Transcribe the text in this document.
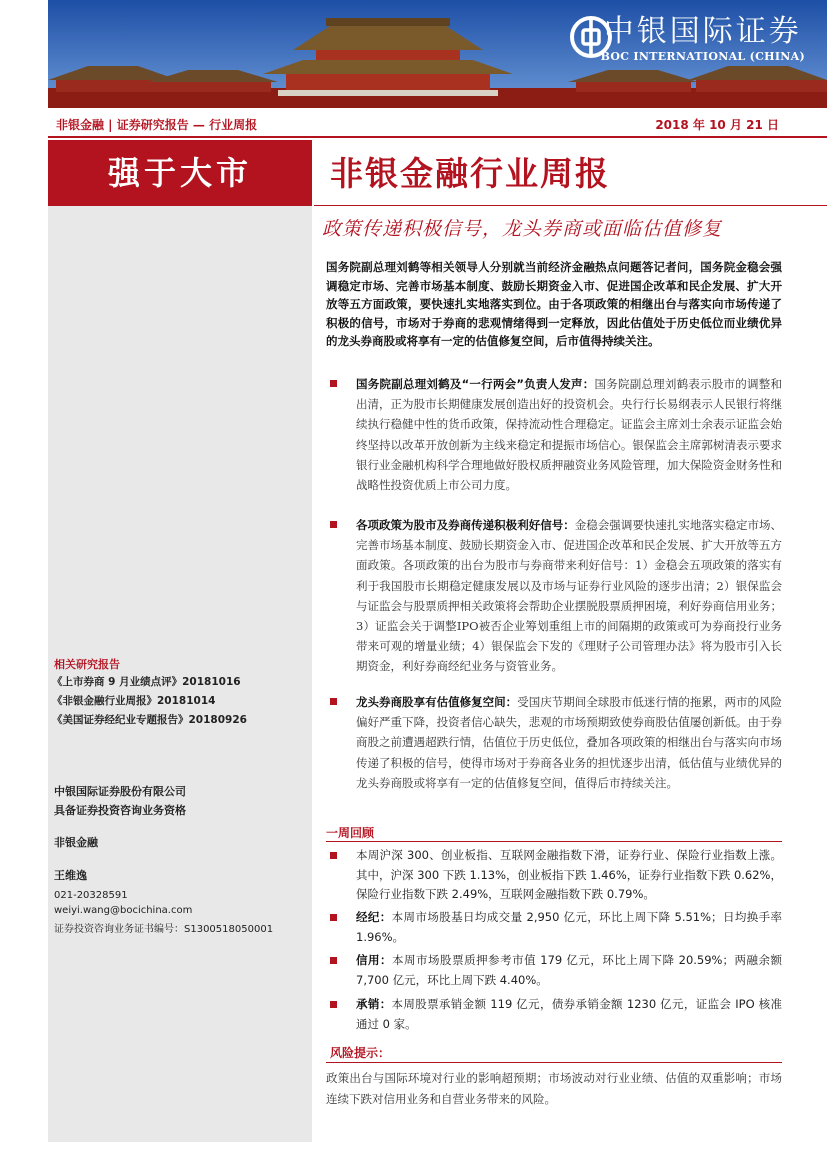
中银国际证券
BOC INTERNATIONAL (CHINA)
非银金融 | 证券研究报告 — 行业周报	2018 年 10 月 21 日
强于大市
相关研究报告
《上市券商 9 月业绩点评》20181016
《非银金融行业周报》20181014
《美国证券经纪业专题报告》20180926
中银国际证券股份有限公司
具备证券投资咨询业务资格
非银金融
王维逸
021-20328591
weiyi.wang@bocichina.com
证券投资咨询业务证书编号：S1300518050001
非银金融行业周报
政策传递积极信号，龙头券商或面临估值修复
国务院副总理刘鹤等相关领导人分别就当前经济金融热点问题答记者问，国务院金稳会强调稳定市场、完善市场基本制度、鼓励长期资金入市、促进国企改革和民企发展、扩大开放等五方面政策，要快速扎实地落实到位。由于各项政策的相继出台与落实向市场传递了积极的信号，市场对于券商的悲观情绪得到一定释放，因此估值处于历史低位而业绩优异的龙头券商股或将享有一定的估值修复空间，后市值得持续关注。
国务院副总理刘鹤及“一行两会”负责人发声：国务院副总理刘鹤表示股市的调整和出清，正为股市长期健康发展创造出好的投资机会。央行行长易纲表示人民银行将继续执行稳健中性的货币政策，保持流动性合理稳定。证监会主席刘士余表示证监会始终坚持以改革开放创新为主线来稳定和提振市场信心。银保监会主席郭树清表示要求银行业金融机构科学合理地做好股权质押融资业务风险管理，加大保险资金财务性和战略性投资优质上市公司力度。
各项政策为股市及券商传递积极利好信号：金稳会强调要快速扎实地落实稳定市场、完善市场基本制度、鼓励长期资金入市、促进国企改革和民企发展、扩大开放等五方面政策。各项政策的出台为股市与券商带来利好信号：1）金稳会五项政策的落实有利于我国股市长期稳定健康发展以及市场与证券行业风险的逐步出清；2）银保监会与证监会与股票质押相关政策将会帮助企业摆脱股票质押困境，利好券商信用业务；3）证监会关于调整IPO被否企业筹划重组上市的间隔期的政策或可为券商投行业务带来可观的增量业绩；4）银保监会下发的《理财子公司管理办法》将为股市引入长期资金，利好券商经纪业务与资管业务。
龙头券商股享有估值修复空间：受国庆节期间全球股市低迷行情的拖累，两市的风险偏好严重下降，投资者信心缺失，悲观的市场预期致使券商股估值屡创新低。由于券商股之前遭遇超跌行情，估值位于历史低位，叠加各项政策的相继出台与落实向市场传递了积极的信号，使得市场对于券商各业务的担忧逐步出清，低估值与业绩优异的龙头券商股或将享有一定的估值修复空间，值得后市持续关注。
一周回顾
本周沪深 300、创业板指、互联网金融指数下滑，证券行业、保险行业指数上涨。其中，沪深 300 下跌 1.13%，创业板指下跌 1.46%，证券行业指数下跌 0.62%，保险行业指数下跌 2.49%，互联网金融指数下跌 0.79%。
经纪：本周市场股基日均成交量 2,950 亿元，环比上周下降 5.51%；日均换手率 1.96%。
信用：本周市场股票质押参考市值 179 亿元，环比上周下降 20.59%；两融余额 7,700 亿元，环比上周下跌 4.40%。
承销：本周股票承销金额 119 亿元，债券承销金额 1230 亿元，证监会 IPO 核准通过 0 家。
风险提示：
政策出台与国际环境对行业的影响超预期；市场波动对行业业绩、估值的双重影响；市场连续下跌对信用业务和自营业务带来的风险。
